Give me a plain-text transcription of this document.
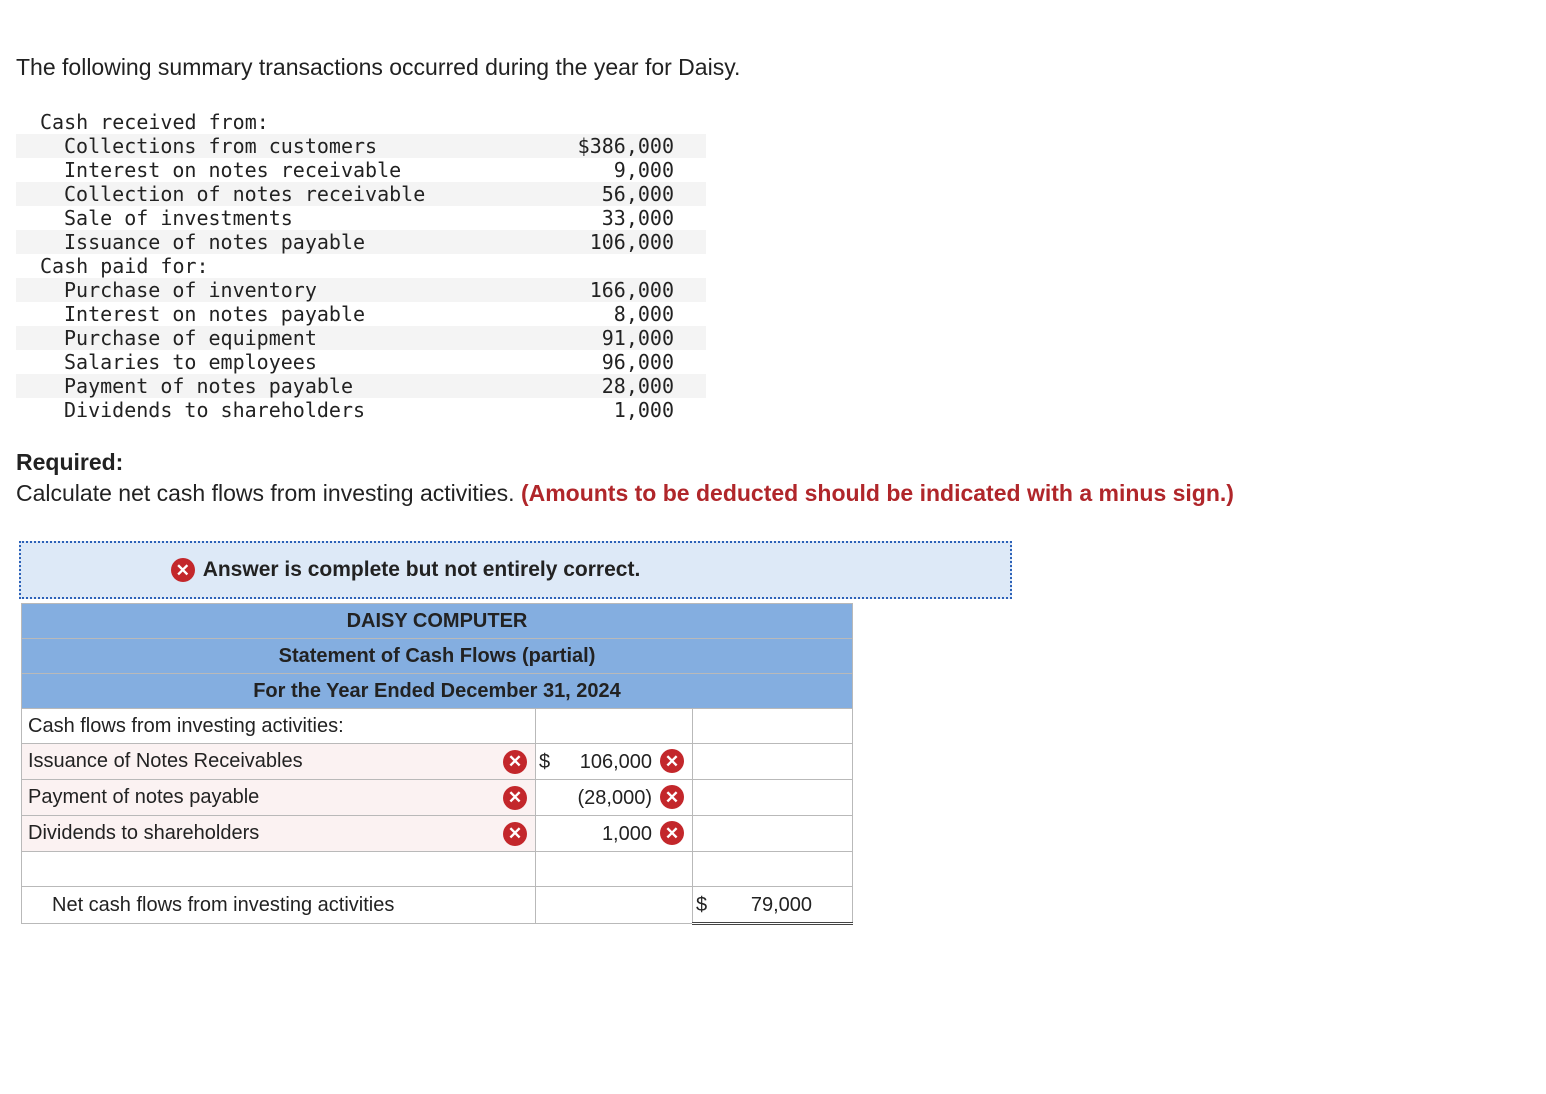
The following summary transactions occurred during the year for Daisy.
Cash received from:
Collections from customers	$386,000
Interest on notes receivable	9,000
Collection of notes receivable	56,000
Sale of investments	33,000
Issuance of notes payable	106,000
Cash paid for:
Purchase of inventory	166,000
Interest on notes payable	8,000
Purchase of equipment	91,000
Salaries to employees	96,000
Payment of notes payable	28,000
Dividends to shareholders	1,000
Required:
Calculate net cash flows from investing activities. (Amounts to be deducted should be indicated with a minus sign.)
✕ Answer is complete but not entirely correct.
DAISY COMPUTER		
Statement of Cash Flows (partial)		
For the Year Ended December 31, 2024		
Cash flows from investing activities:		
Issuance of Notes Receivables ✕	$ 106,000 ✕	

Payment of notes payable ✕	(28,000) ✕	

Dividends to shareholders ✕	1,000 ✕	

Net cash flows from investing activities		$ 79,000
